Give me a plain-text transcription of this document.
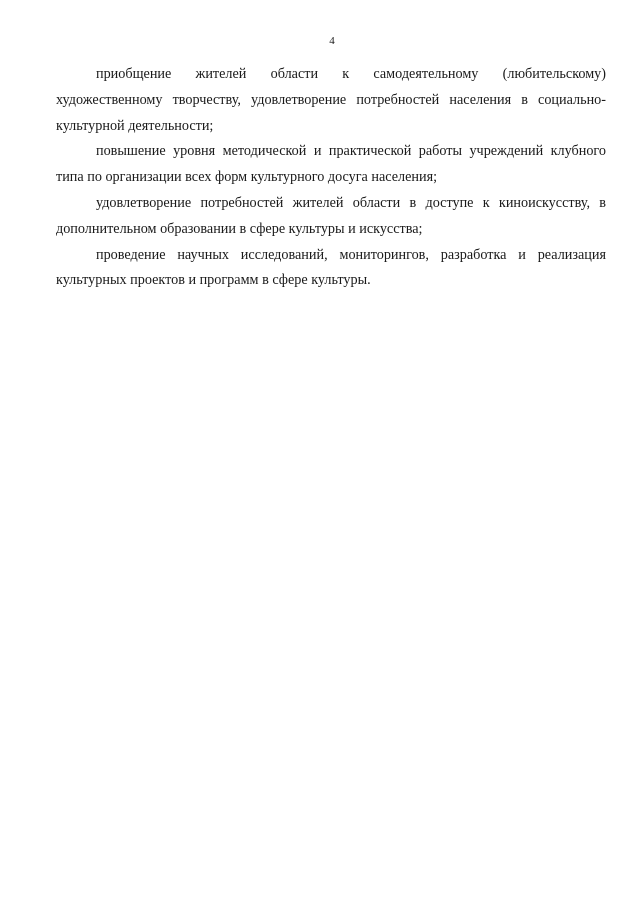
4

приобщение жителей области к самодеятельному (любительскому) художественному творчеству, удовлетворение потребностей населения в социально-культурной деятельности;

повышение уровня методической и практической работы учреждений клубного типа по организации всех форм культурного досуга населения;

удовлетворение потребностей жителей области в доступе к киноискусству, в дополнительном образовании в сфере культуры и искусства;

проведение научных исследований, мониторингов, разработка и реализация культурных проектов и программ в сфере культуры.
